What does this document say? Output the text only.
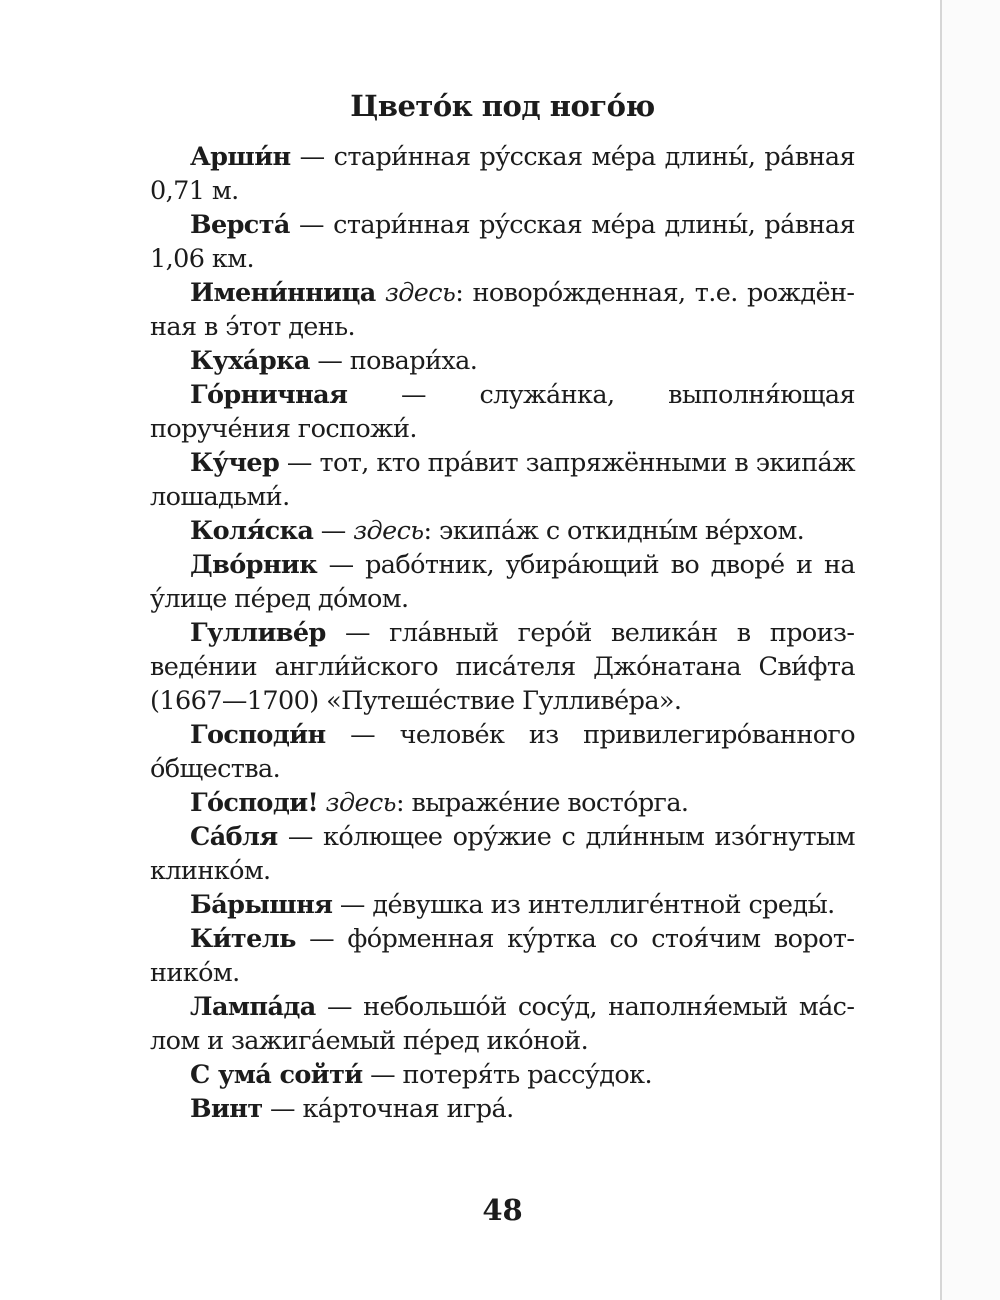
Цвето́к под ного́ю

Арши́н — стари́нная ру́сская ме́ра длины́, ра́вная 0,71 м.

Верста́ — стари́нная ру́сская ме́ра длины́, ра́вная 1,06 км.

Имени́нница здесь: новоро́жденная, т.е. рождённая в э́тот день.

Куха́рка — повари́ха.

Го́рничная — служа́нка, выполня́ющая поруче́ния госпожи́.

Ку́чер — тот, кто пра́вит запряжёнными в экипа́ж лошадьми́.

Коля́ска — здесь: экипа́ж с откидны́м ве́рхом.

Дво́рник — рабо́тник, убира́ющий во дворе́ и на у́лице пе́ред до́мом.

Гулливе́р — гла́вный геро́й велика́н в произведе́нии англи́йского писа́теля Джо́натана Сви́фта (1667—1700) «Путеше́ствие Гулливе́ра».

Господи́н — челове́к из привилегиро́ванного о́бщества.

Го́споди! здесь: выраже́ние восто́рга.

Са́бля — ко́лющее ору́жие с дли́нным изо́гнутым клинко́м.

Ба́рышня — де́вушка из интеллиге́нтной среды́.

Ки́тель — фо́рменная ку́ртка со стоя́чим воротнико́м.

Лампа́да — небольшо́й сосу́д, наполня́емый ма́слом и зажига́емый пе́ред ико́ной.

С ума́ сойти́ — потеря́ть рассу́док.

Винт — ка́рточная игра́.

48
